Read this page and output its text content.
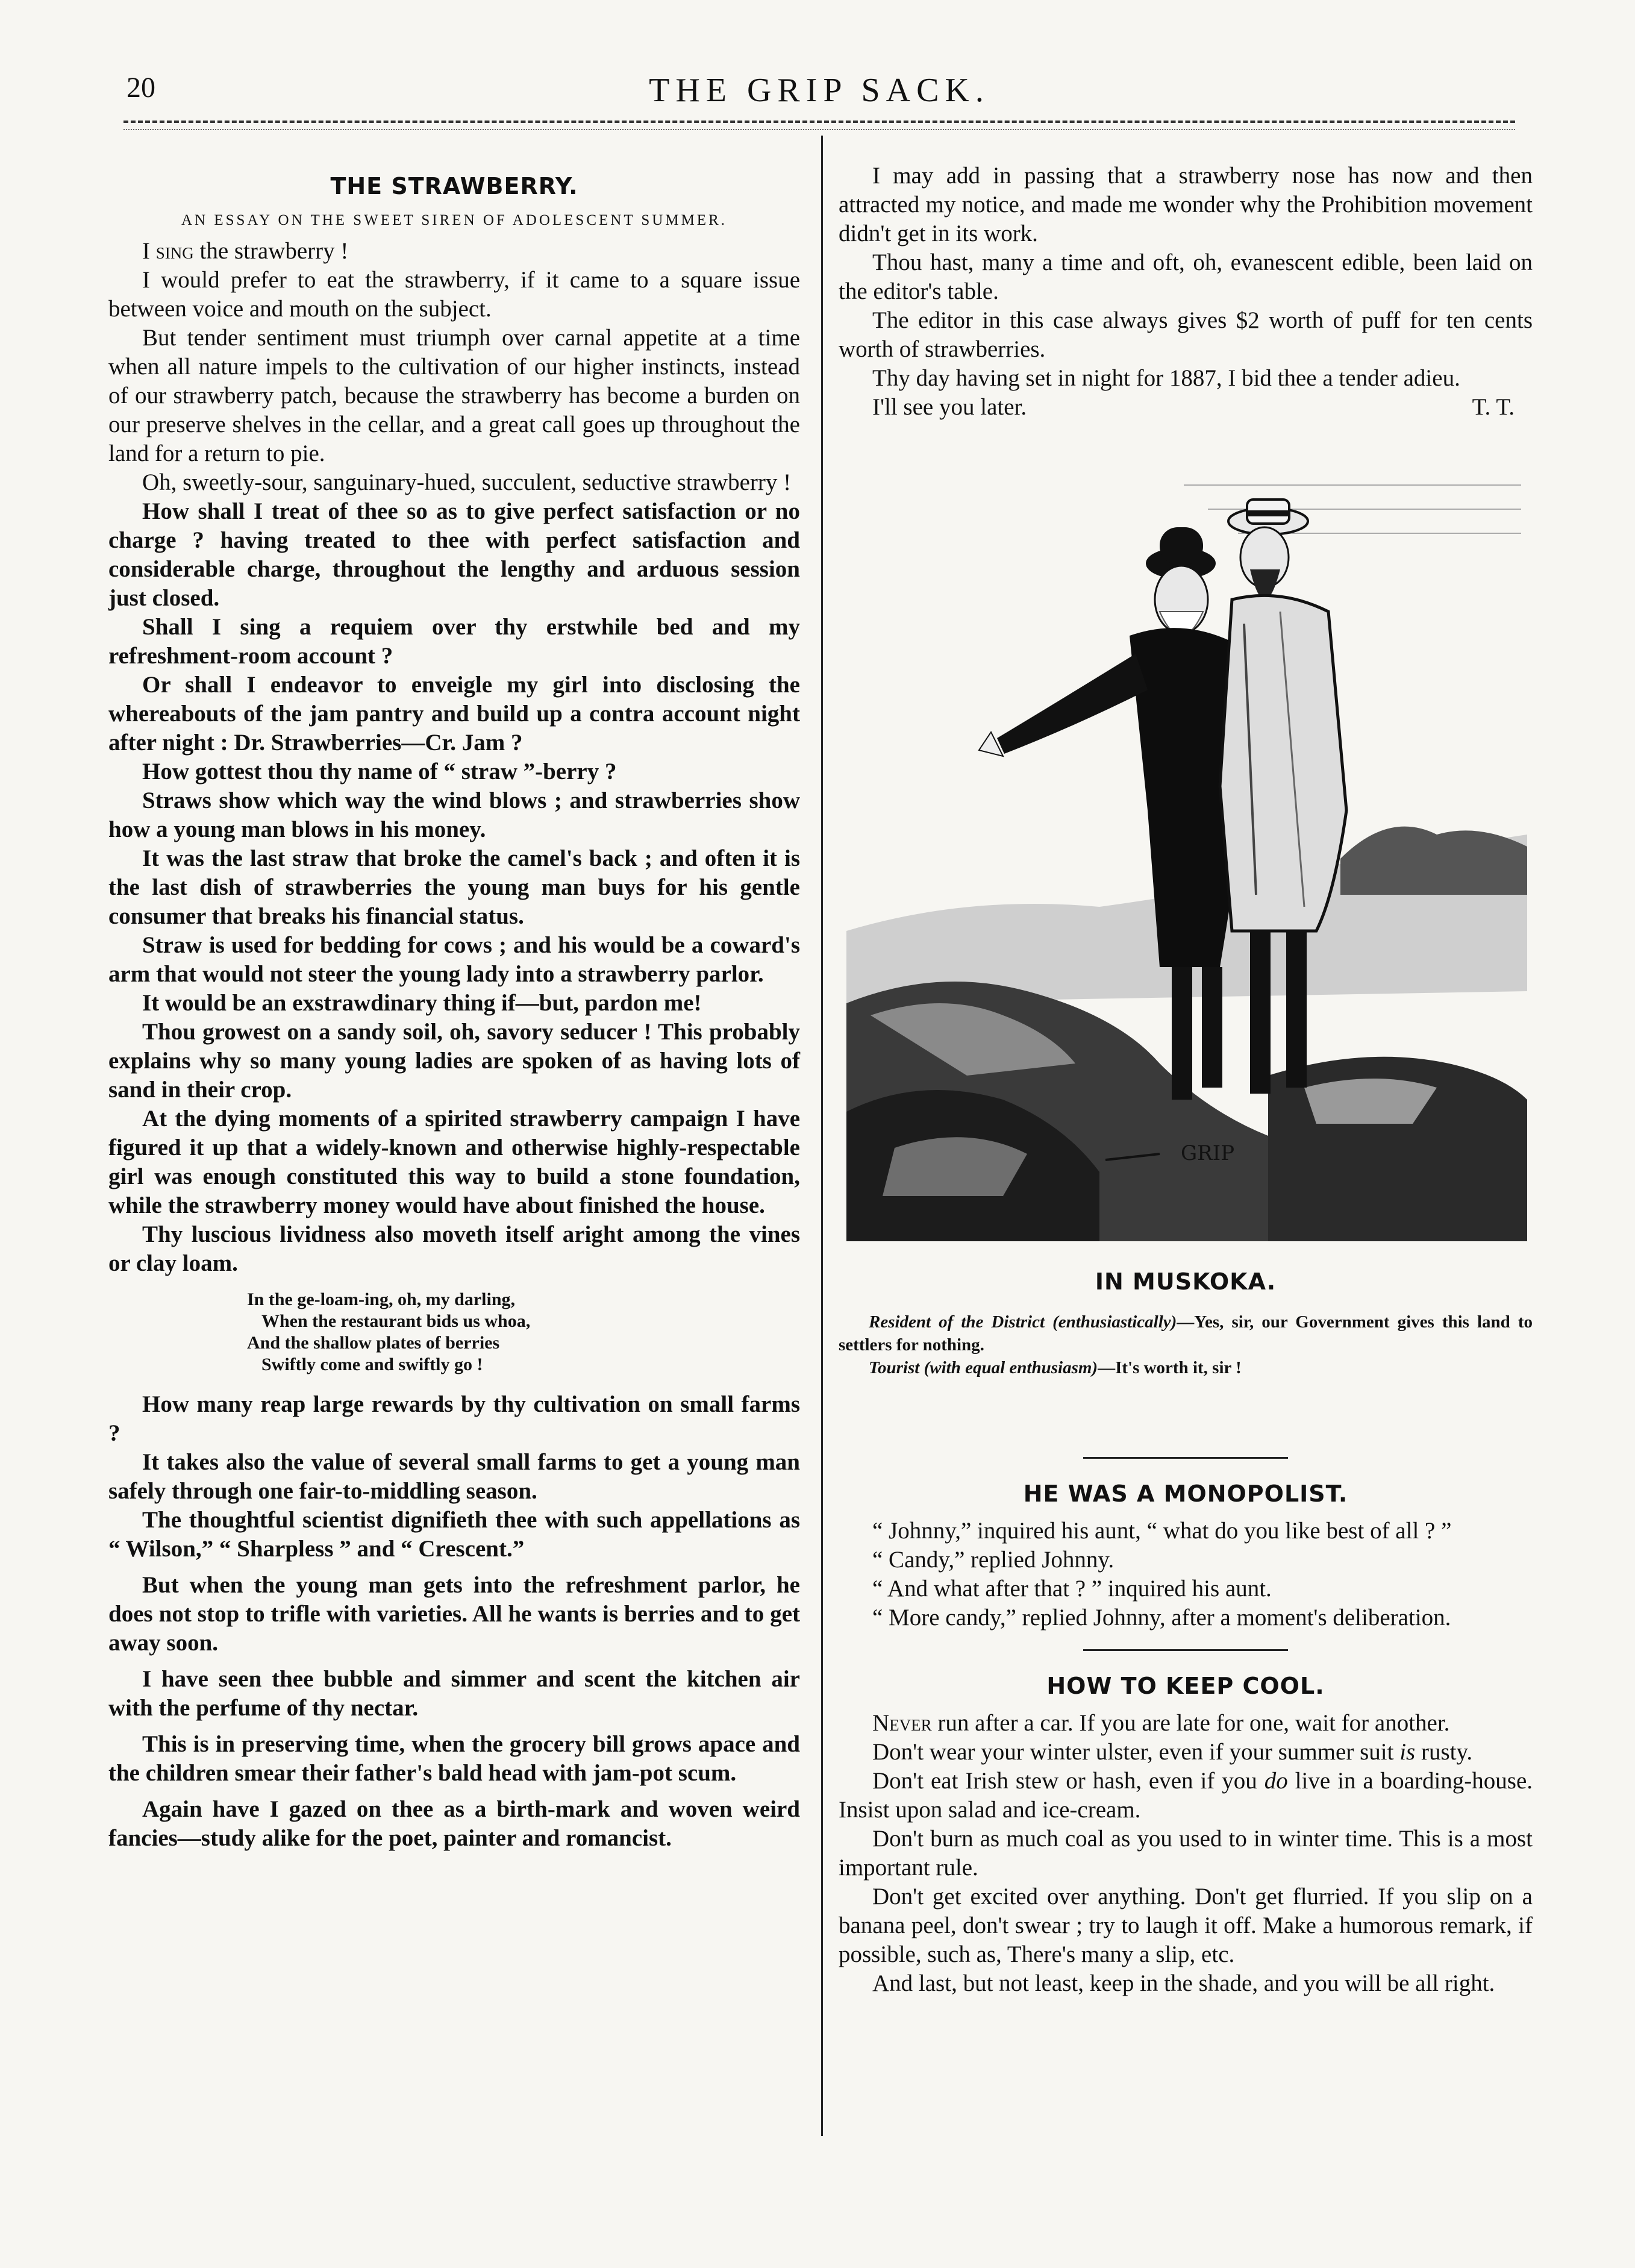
20	THE GRIP SACK.
THE STRAWBERRY.

AN ESSAY ON THE SWEET SIREN OF ADOLESCENT SUMMER.

I sing the strawberry !

I would prefer to eat the strawberry, if it came to a square issue between voice and mouth on the subject.

But tender sentiment must triumph over carnal appetite at a time when all nature impels to the cultivation of our higher instincts, instead of our strawberry patch, because the strawberry has become a burden on our preserve shelves in the cellar, and a great call goes up throughout the land for a return to pie.

Oh, sweetly-sour, sanguinary-hued, succulent, seductive strawberry !

How shall I treat of thee so as to give perfect satisfaction or no charge ? having treated to thee with perfect satisfaction and considerable charge, throughout the lengthy and arduous session just closed.

Shall I sing a requiem over thy erstwhile bed and my refreshment-room account ?

Or shall I endeavor to enveigle my girl into disclosing the whereabouts of the jam pantry and build up a contra account night after night : Dr. Strawberries—Cr. Jam ?

How gottest thou thy name of “ straw ”-berry ?

Straws show which way the wind blows ; and strawberries show how a young man blows in his money.

It was the last straw that broke the camel's back ; and often it is the last dish of strawberries the young man buys for his gentle consumer that breaks his financial status.

Straw is used for bedding for cows ; and his would be a coward's arm that would not steer the young lady into a strawberry parlor.

It would be an exstrawdinary thing if—but, pardon me!

Thou growest on a sandy soil, oh, savory seducer ! This probably explains why so many young ladies are spoken of as having lots of sand in their crop.

At the dying moments of a spirited strawberry campaign I have figured it up that a widely-known and otherwise highly-respectable girl was enough constituted this way to build a stone foundation, while the strawberry money would have about finished the house.

Thy luscious lividness also moveth itself aright among the vines or clay loam.

In the ge-loam-ing, oh, my darling,
When the restaurant bids us whoa,
And the shallow plates of berries
Swiftly come and swiftly go !

How many reap large rewards by thy cultivation on small farms ?

It takes also the value of several small farms to get a young man safely through one fair-to-middling season.

The thoughtful scientist dignifieth thee with such appellations as “ Wilson,” “ Sharpless ” and “ Crescent.”

But when the young man gets into the refreshment parlor, he does not stop to trifle with varieties. All he wants is berries and to get away soon.

I have seen thee bubble and simmer and scent the kitchen air with the perfume of thy nectar.

This is in preserving time, when the grocery bill grows apace and the children smear their father's bald head with jam-pot scum.

Again have I gazed on thee as a birth-mark and woven weird fancies—study alike for the poet, painter and romancist.

I may add in passing that a strawberry nose has now and then attracted my notice, and made me wonder why the Prohibition movement didn't get in its work.

Thou hast, many a time and oft, oh, evanescent edible, been laid on the editor's table.

The editor in this case always gives $2 worth of puff for ten cents worth of strawberries.

Thy day having set in night for 1887, I bid thee a tender adieu.

I'll see you later.	T. T.
GRIP
IN MUSKOKA.

Resident of the District (enthusiastically)—Yes, sir, our Government gives this land to settlers for nothing.

Tourist (with equal enthusiasm)—It's worth it, sir !

HE WAS A MONOPOLIST.

“ Johnny,” inquired his aunt, “ what do you like best of all ? ”

“ Candy,” replied Johnny.

“ And what after that ? ” inquired his aunt.

“ More candy,” replied Johnny, after a moment's deliberation.

HOW TO KEEP COOL.

Never run after a car. If you are late for one, wait for another.

Don't wear your winter ulster, even if your summer suit is rusty.

Don't eat Irish stew or hash, even if you do live in a boarding-house. Insist upon salad and ice-cream.

Don't burn as much coal as you used to in winter time. This is a most important rule.

Don't get excited over anything. Don't get flurried. If you slip on a banana peel, don't swear ; try to laugh it off. Make a humorous remark, if possible, such as, There's many a slip, etc.

And last, but not least, keep in the shade, and you will be all right.
